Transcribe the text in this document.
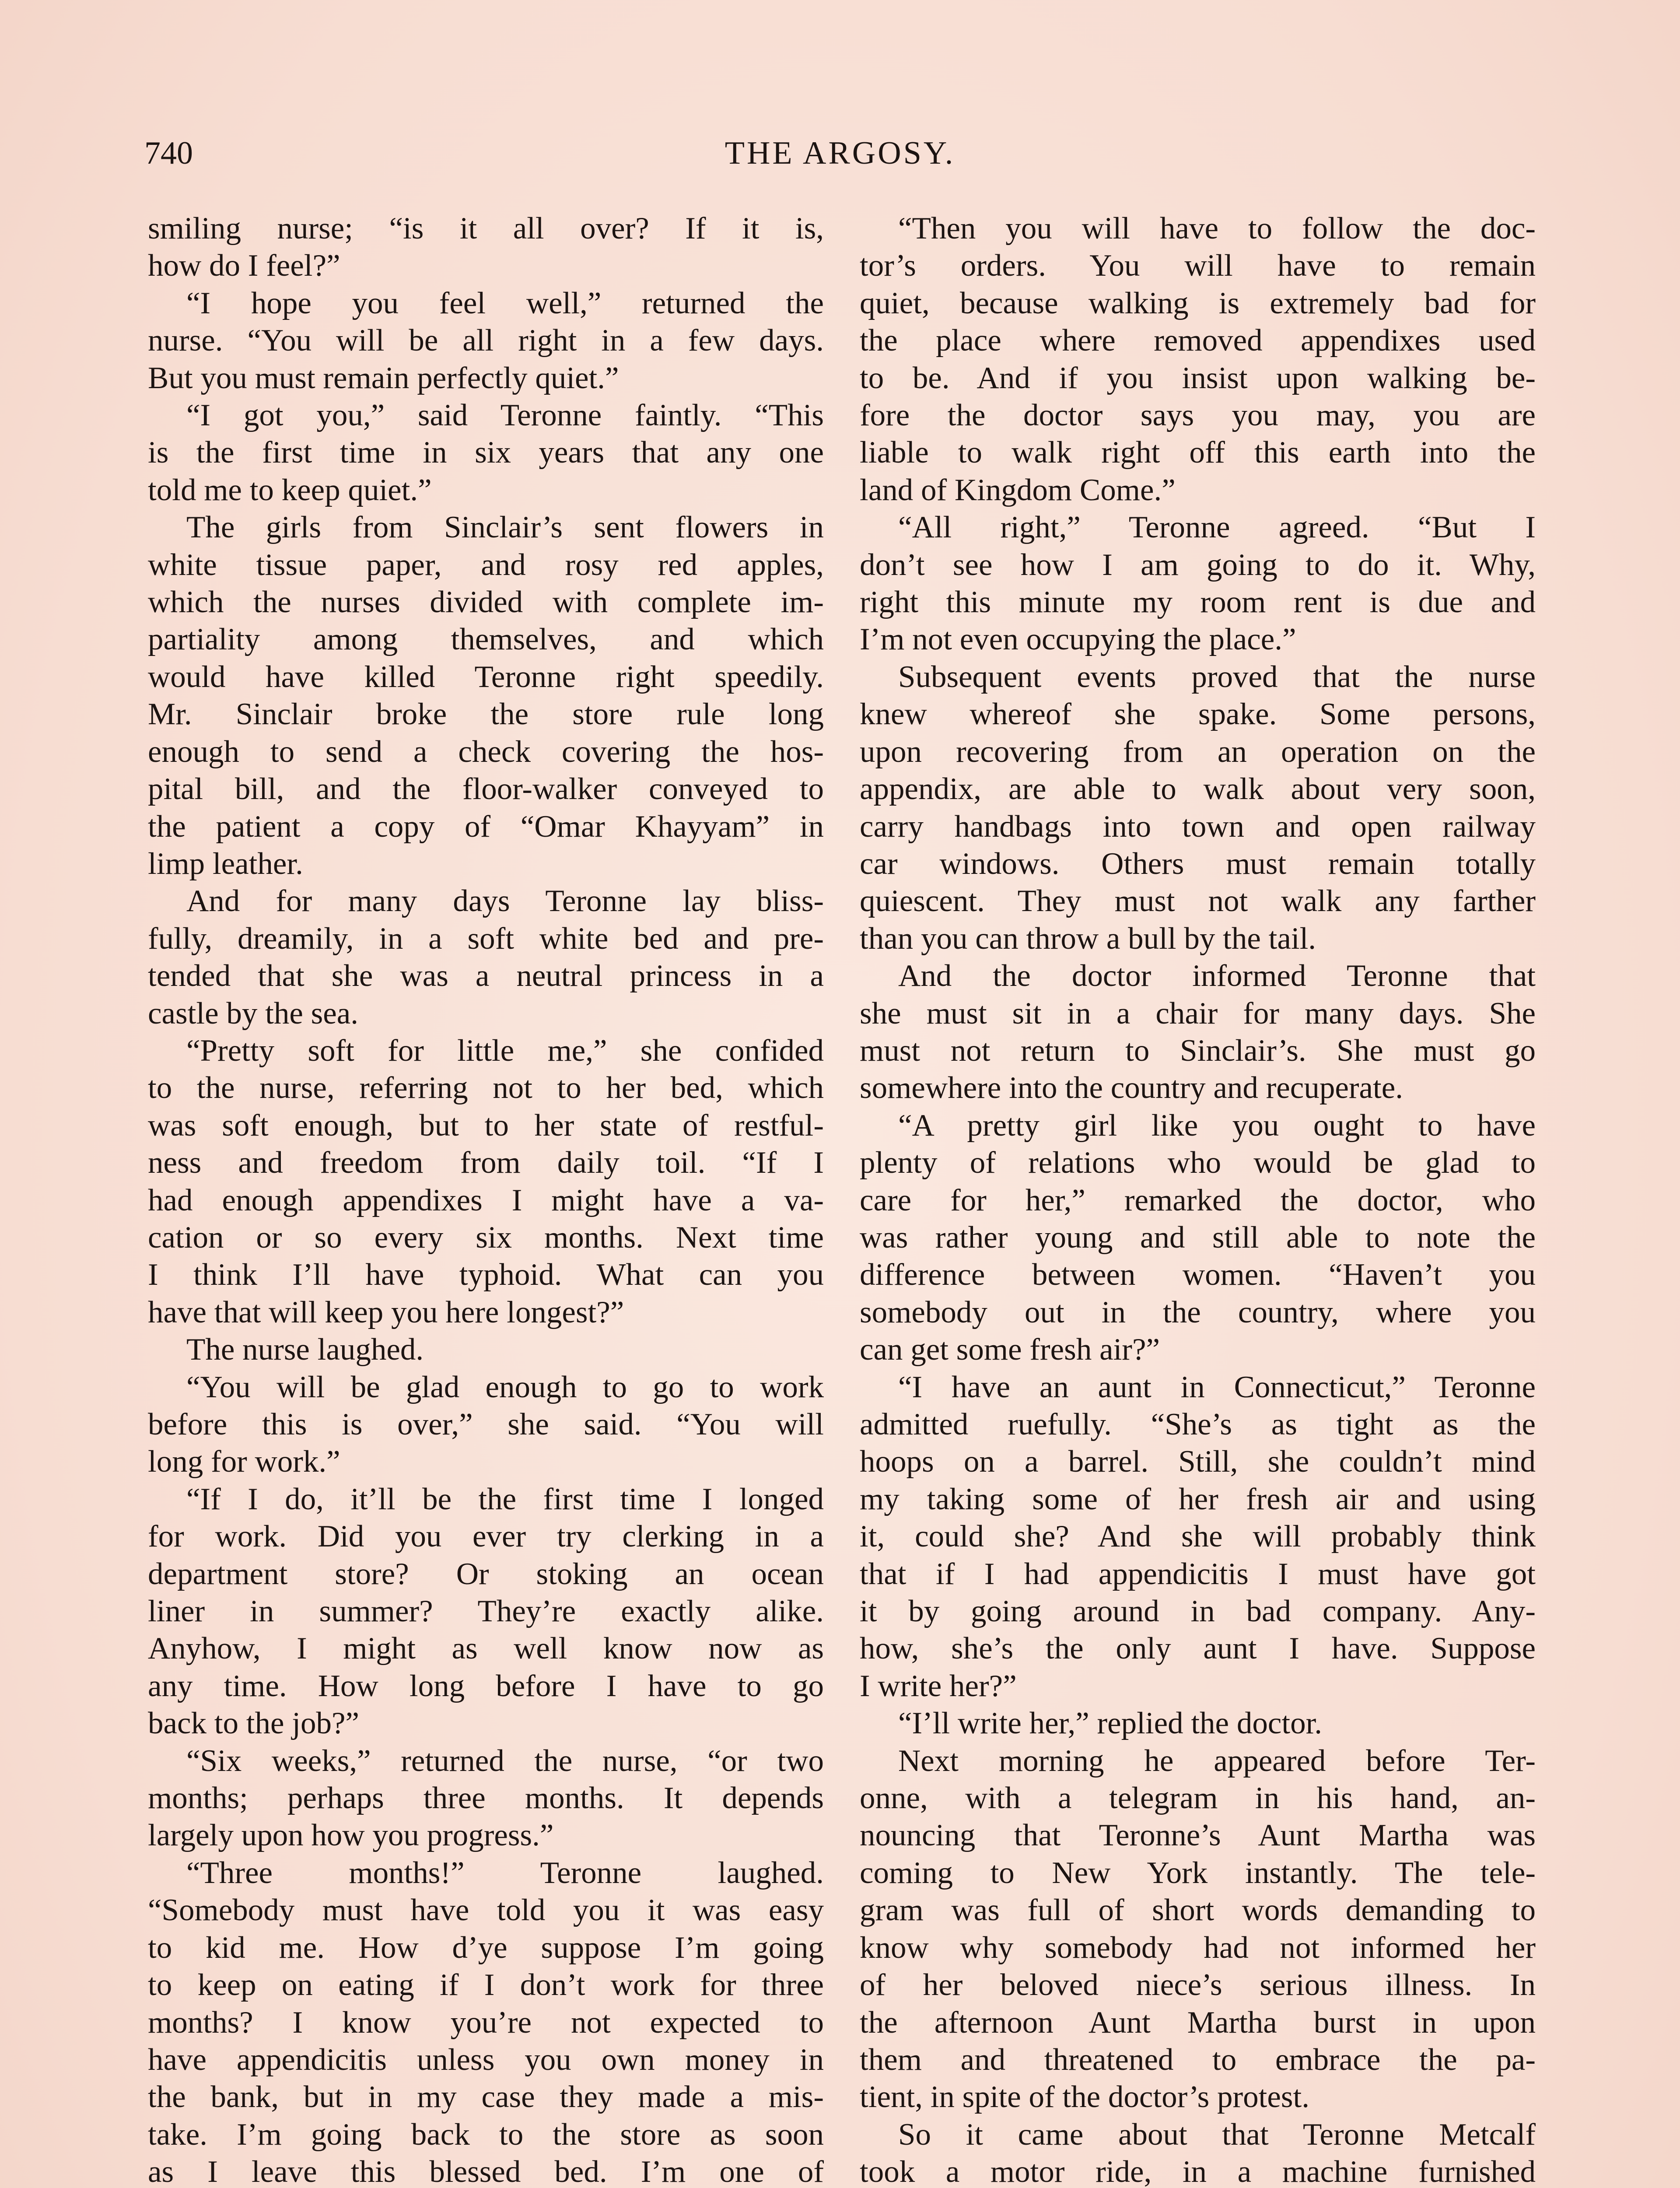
740	THE ARGOSY.

smiling nurse; “is it all over? If it is,
how do I feel?”

“I hope you feel well,” returned the
nurse. “You will be all right in a few days.
But you must remain perfectly quiet.”

“I got you,” said Teronne faintly. “This
is the first time in six years that any one
told me to keep quiet.”

The girls from Sinclair’s sent flowers in
white tissue paper, and rosy red apples,
which the nurses divided with complete im-
partiality among themselves, and which
would have killed Teronne right speedily.
Mr. Sinclair broke the store rule long
enough to send a check covering the hos-
pital bill, and the floor-walker conveyed to
the patient a copy of “Omar Khayyam” in
limp leather.

And for many days Teronne lay bliss-
fully, dreamily, in a soft white bed and pre-
tended that she was a neutral princess in a
castle by the sea.

“Pretty soft for little me,” she confided
to the nurse, referring not to her bed, which
was soft enough, but to her state of restful-
ness and freedom from daily toil. “If I
had enough appendixes I might have a va-
cation or so every six months. Next time
I think I’ll have typhoid. What can you
have that will keep you here longest?”

The nurse laughed.

“You will be glad enough to go to work
before this is over,” she said. “You will
long for work.”

“If I do, it’ll be the first time I longed
for work. Did you ever try clerking in a
department store? Or stoking an ocean
liner in summer? They’re exactly alike.
Anyhow, I might as well know now as
any time. How long before I have to go
back to the job?”

“Six weeks,” returned the nurse, “or two
months; perhaps three months. It depends
largely upon how you progress.”

“Three months!” Teronne laughed.
“Somebody must have told you it was easy
to kid me. How d’ye suppose I’m going
to keep on eating if I don’t work for three
months? I know you’re not expected to
have appendicitis unless you own money in
the bank, but in my case they made a mis-
take. I’m going back to the store as soon
as I leave this blessed bed. I’m one of

“Then you will have to follow the doc-
tor’s orders. You will have to remain
quiet, because walking is extremely bad for
the place where removed appendixes used
to be. And if you insist upon walking be-
fore the doctor says you may, you are
liable to walk right off this earth into the
land of Kingdom Come.”

“All right,” Teronne agreed. “But I
don’t see how I am going to do it. Why,
right this minute my room rent is due and
I’m not even occupying the place.”

Subsequent events proved that the nurse
knew whereof she spake. Some persons,
upon recovering from an operation on the
appendix, are able to walk about very soon,
carry handbags into town and open railway
car windows. Others must remain totally
quiescent. They must not walk any farther
than you can throw a bull by the tail.

And the doctor informed Teronne that
she must sit in a chair for many days. She
must not return to Sinclair’s. She must go
somewhere into the country and recuperate.

“A pretty girl like you ought to have
plenty of relations who would be glad to
care for her,” remarked the doctor, who
was rather young and still able to note the
difference between women. “Haven’t you
somebody out in the country, where you
can get some fresh air?”

“I have an aunt in Connecticut,” Teronne
admitted ruefully. “She’s as tight as the
hoops on a barrel. Still, she couldn’t mind
my taking some of her fresh air and using
it, could she? And she will probably think
that if I had appendicitis I must have got
it by going around in bad company. Any-
how, she’s the only aunt I have. Suppose
I write her?”

“I’ll write her,” replied the doctor.

Next morning he appeared before Ter-
onne, with a telegram in his hand, an-
nouncing that Teronne’s Aunt Martha was
coming to New York instantly. The tele-
gram was full of short words demanding to
know why somebody had not informed her
of her beloved niece’s serious illness. In
the afternoon Aunt Martha burst in upon
them and threatened to embrace the pa-
tient, in spite of the doctor’s protest.

So it came about that Teronne Metcalf
took a motor ride, in a machine furnished
